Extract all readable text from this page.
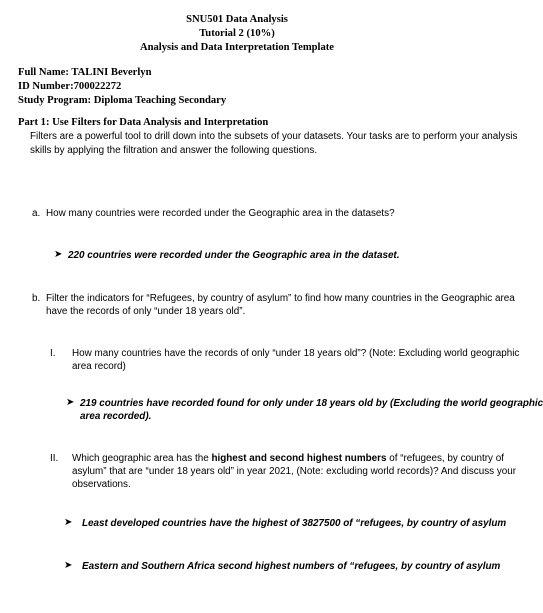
SNU501 Data Analysis
Tutorial 2 (10%)
Analysis and Data Interpretation Template
Full Name: TALINI Beverlyn
ID Number:700022272
Study Program: Diploma Teaching Secondary
Part 1: Use Filters for Data Analysis and Interpretation
Filters are a powerful tool to drill down into the subsets of your datasets. Your tasks are to perform your analysis
skills by applying the filtration and answer the following questions.
a. How many countries were recorded under the Geographic area in the datasets?
➤ 220 countries were recorded under the Geographic area in the dataset.
b. Filter the indicators for “Refugees, by country of asylum” to find how many countries in the Geographic area
have the records of only “under 18 years old”.
I. How many countries have the records of only “under 18 years old”? (Note: Excluding world geographic
area record)
➤ 219 countries have recorded found for only under 18 years old by (Excluding the world geographic
area recorded).
II. Which geographic area has the highest and second highest numbers of “refugees, by country of
asylum” that are “under 18 years old” in year 2021, (Note: excluding world records)? And discuss your
observations.
➤ Least developed countries have the highest of 3827500 of “refugees, by country of asylum
➤ Eastern and Southern Africa second highest numbers of “refugees, by country of asylum
